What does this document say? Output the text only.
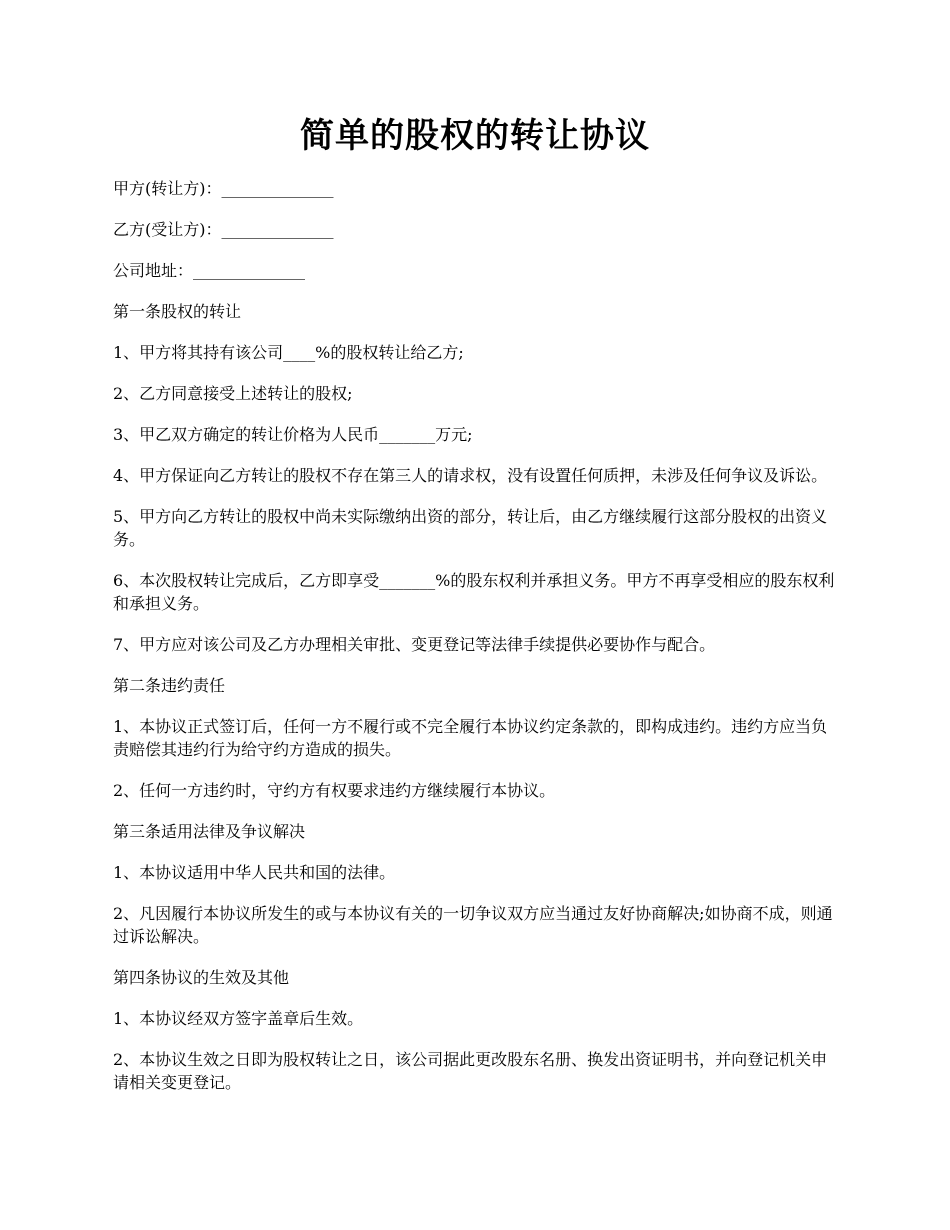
简单的股权的转让协议

甲方(转让方)：______________

乙方(受让方)：______________

公司地址：______________

第一条股权的转让

1、甲方将其持有该公司____%的股权转让给乙方;

2、乙方同意接受上述转让的股权;

3、甲乙双方确定的转让价格为人民币_______万元;

4、甲方保证向乙方转让的股权不存在第三人的请求权，没有设置任何质押，未涉及任何争议及诉讼。

5、甲方向乙方转让的股权中尚未实际缴纳出资的部分，转让后，由乙方继续履行这部分股权的出资义务。

6、本次股权转让完成后，乙方即享受_______%的股东权利并承担义务。甲方不再享受相应的股东权利和承担义务。

7、甲方应对该公司及乙方办理相关审批、变更登记等法律手续提供必要协作与配合。

第二条违约责任

1、本协议正式签订后，任何一方不履行或不完全履行本协议约定条款的，即构成违约。违约方应当负责赔偿其违约行为给守约方造成的损失。

2、任何一方违约时，守约方有权要求违约方继续履行本协议。

第三条适用法律及争议解决

1、本协议适用中华人民共和国的法律。

2、凡因履行本协议所发生的或与本协议有关的一切争议双方应当通过友好协商解决;如协商不成，则通过诉讼解决。

第四条协议的生效及其他

1、本协议经双方签字盖章后生效。

2、本协议生效之日即为股权转让之日，该公司据此更改股东名册、换发出资证明书，并向登记机关申请相关变更登记。
